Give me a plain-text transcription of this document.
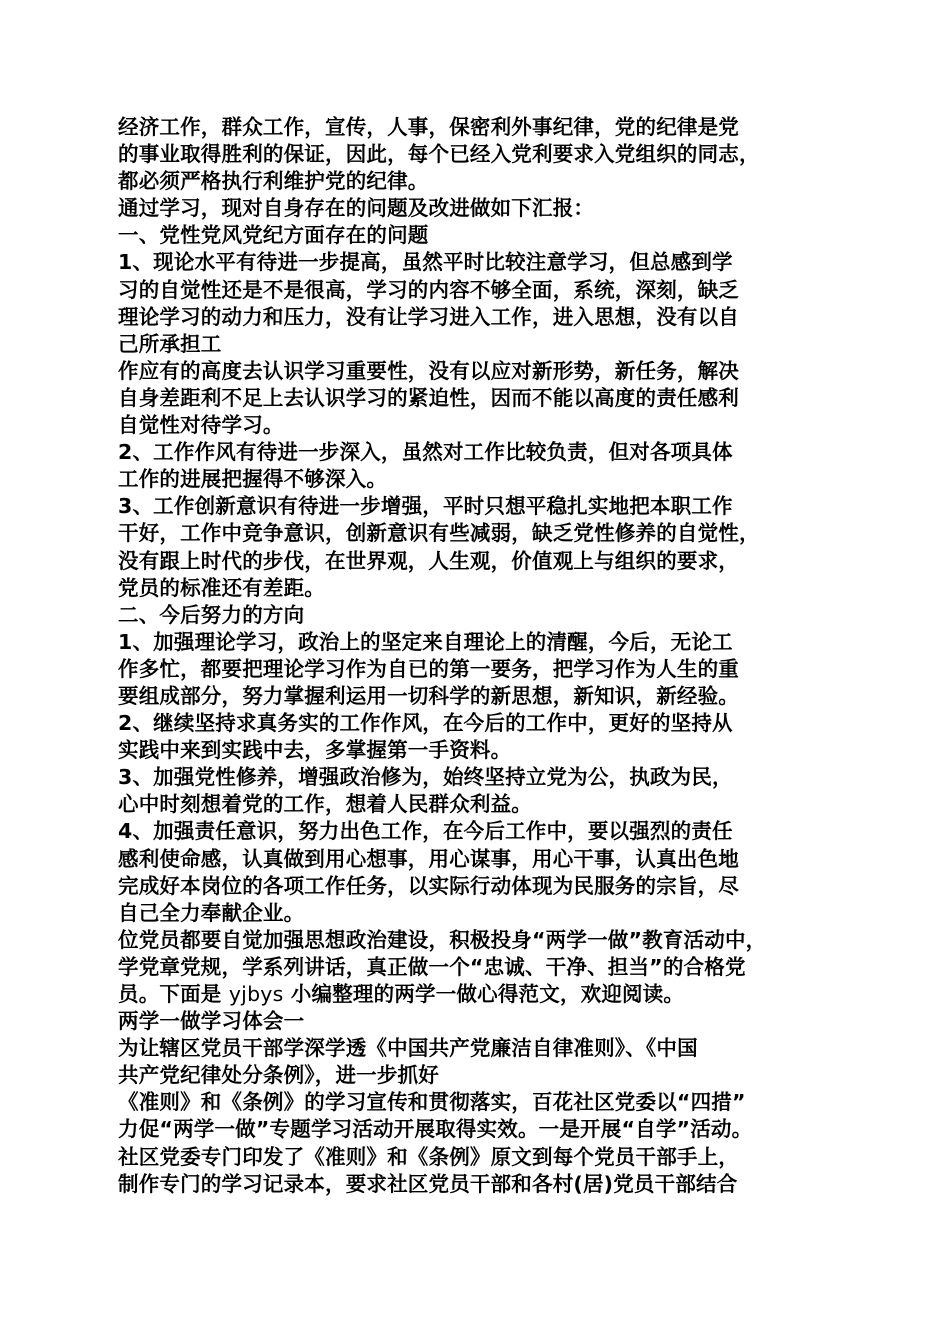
经济工作，群众工作，宣传，人事，保密利外事纪律，党的纪律是党
的事业取得胜利的保证，因此，每个已经入党利要求入党组织的同志，
都必须严格执行利维护党的纪律。
通过学习，现对自身存在的问题及改进做如下汇报：
一、党性党风党纪方面存在的问题
1、现论水平有待进一步提高，虽然平时比较注意学习，但总感到学
习的自觉性还是不是很高，学习的内容不够全面，系统，深刻，缺乏
理论学习的动力和压力，没有让学习进入工作，进入思想，没有以自
己所承担工
作应有的高度去认识学习重要性，没有以应对新形势，新任务，解决
自身差距利不足上去认识学习的紧迫性，因而不能以高度的责任感利
自觉性对待学习。
2、工作作风有待进一步深入，虽然对工作比较负责，但对各项具体
工作的进展把握得不够深入。
3、工作创新意识有待进一步增强，平时只想平稳扎实地把本职工作
干好，工作中竞争意识，创新意识有些减弱，缺乏党性修养的自觉性，
没有跟上时代的步伐，在世界观，人生观，价值观上与组织的要求，
党员的标准还有差距。
二、今后努力的方向
1、加强理论学习，政治上的坚定来自理论上的清醒，今后，无论工
作多忙，都要把理论学习作为自已的第一要务，把学习作为人生的重
要组成部分，努力掌握利运用一切科学的新思想，新知识，新经验。
2、继续坚持求真务实的工作作风，在今后的工作中，更好的坚持从
实践中来到实践中去，多掌握第一手资料。
3、加强党性修养，增强政治修为，始终坚持立党为公，执政为民，
心中时刻想着党的工作，想着人民群众利益。
4、加强责任意识，努力出色工作，在今后工作中，要以强烈的责任
感利使命感，认真做到用心想事，用心谋事，用心干事，认真出色地
完成好本岗位的各项工作任务，以实际行动体现为民服务的宗旨，尽
自己全力奉献企业。
位党员都要自觉加强思想政治建设，积极投身“两学一做”教育活动中，
学党章党规，学系列讲话，真正做一个“忠诚、干净、担当”的合格党
员。下面是 yjbys 小编整理的两学一做心得范文，欢迎阅读。
两学一做学习体会一
为让辖区党员干部学深学透《中国共产党廉洁自律准则》、《中国
共产党纪律处分条例》，进一步抓好
《准则》和《条例》的学习宣传和贯彻落实，百花社区党委以“四措”
力促“两学一做”专题学习活动开展取得实效。一是开展“自学”活动。
社区党委专门印发了《准则》和《条例》原文到每个党员干部手上，
制作专门的学习记录本，要求社区党员干部和各村(居)党员干部结合
